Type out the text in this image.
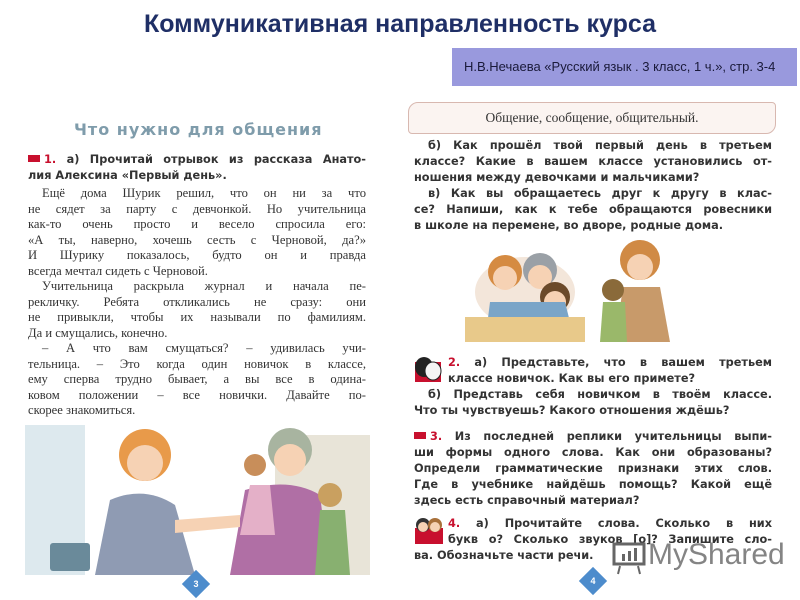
Коммуникативная направленность курса
Н.В.Нечаева «Русский язык . 3 класс, 1 ч.», стр. 3-4
Что нужно для общения
1. а) Прочитай отрывок из рассказа Анато-
лия Алексина «Первый день».
Ещё дома Шурик решил, что он ни за что
не сядет за парту с девчонкой. Но учительница
как-то очень просто и весело спросила его:
«А ты, наверно, хочешь сесть с Черновой, да?»
И Шурику показалось, будто он и правда
всегда мечтал сидеть с Черновой.
Учительница раскрыла журнал и начала пе-
рекличку. Ребята откликались не сразу: они
не привыкли, чтобы их называли по фамилиям.
Да и смущались, конечно.
– А что вам смущаться? – удивилась учи-
тельница. – Это когда один новичок в классе,
ему сперва трудно бывает, а вы все в одина-
ковом положении – все новички. Давайте по-
скорее знакомиться.
3
Общение, сообщение, общительный.
б) Как прошёл твой первый день в третьем
классе? Какие в вашем классе установились от-
ношения между девочками и мальчиками?
в) Как вы обращаетесь друг к другу в клас-
се? Напиши, как к тебе обращаются ровесники
в школе на перемене, во дворе, родные дома.
2. а) Представьте, что в вашем третьем
классе новичок. Как вы его примете?
б) Представь себя новичком в твоём классе.
Что ты чувствуешь? Какого отношения ждёшь?
3. Из последней реплики учительницы выпи-
ши формы одного слова. Как они образованы?
Определи грамматические признаки этих слов.
Где в учебнике найдёшь помощь? Какой ещё
здесь есть справочный материал?
4. а) Прочитайте слова. Сколько в них
букв о? Сколько звуков [о]? Запишите сло-
ва. Обозначьте части речи.
4
MyShared
